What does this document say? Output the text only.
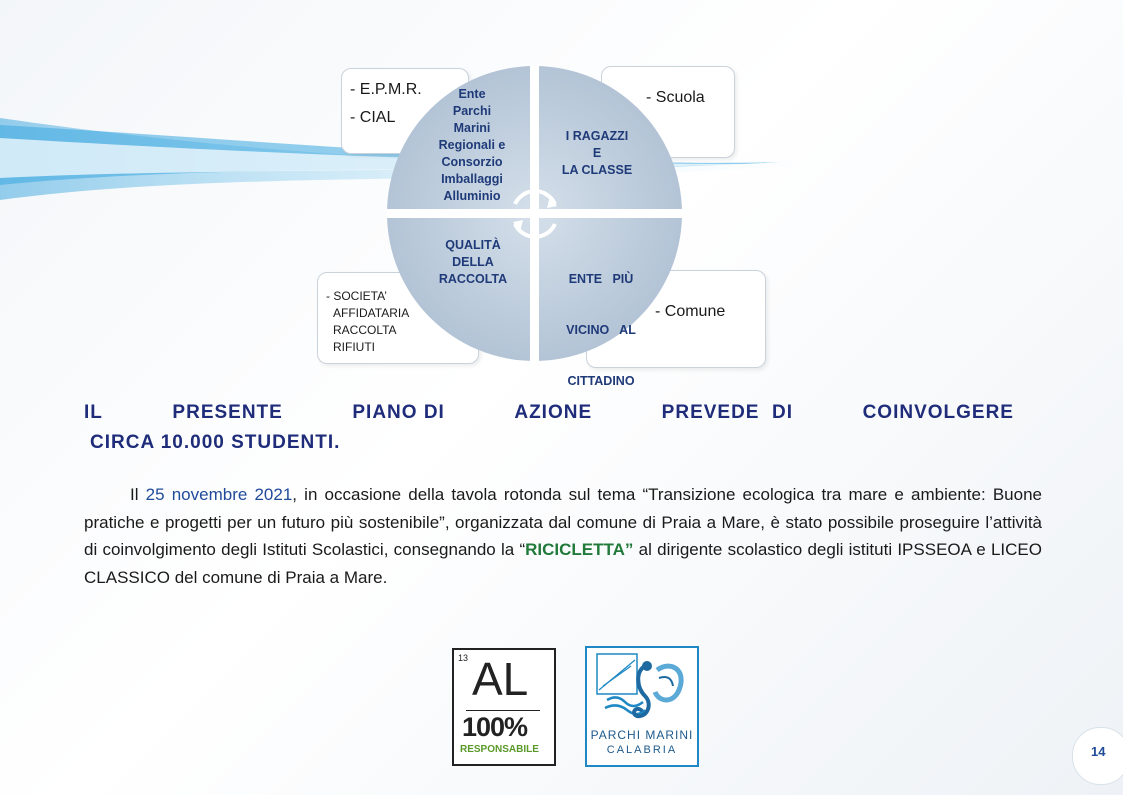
- E.P.M.R.
- CIAL
- Scuola
- SOCIETA’
AFFIDATARIA
RACCOLTA
RIFIUTI
- Comune
Ente
Parchi
Marini
Regionali e
Consorzio
Imballaggi
Alluminio
I RAGAZZI
E
LA CLASSE
QUALITÀ
DELLA
RACCOLTA

	ENTE   PIÙ

VICINO   AL

CITTADINO

IL	PRESENTE	PIANO DI	AZIONE	PREVEDE  DI	COINVOLGERE
CIRCA 10.000 STUDENTI.
Il 25 novembre 2021, in occasione della tavola rotonda sul tema “Transizione ecologica tra mare e ambiente: Buone pratiche e progetti per un futuro più sostenibile”, organizzata dal comune di Praia a Mare, è stato possibile proseguire l’attività di coinvolgimento degli Istituti Scolastici, consegnando la “RICICLETTA” al dirigente scolastico degli istituti IPSSEOA e LICEO CLASSICO del comune di Praia a Mare.
13 AL
100%
RESPONSABILE
PARCHI MARINI
CALABRIA	14
